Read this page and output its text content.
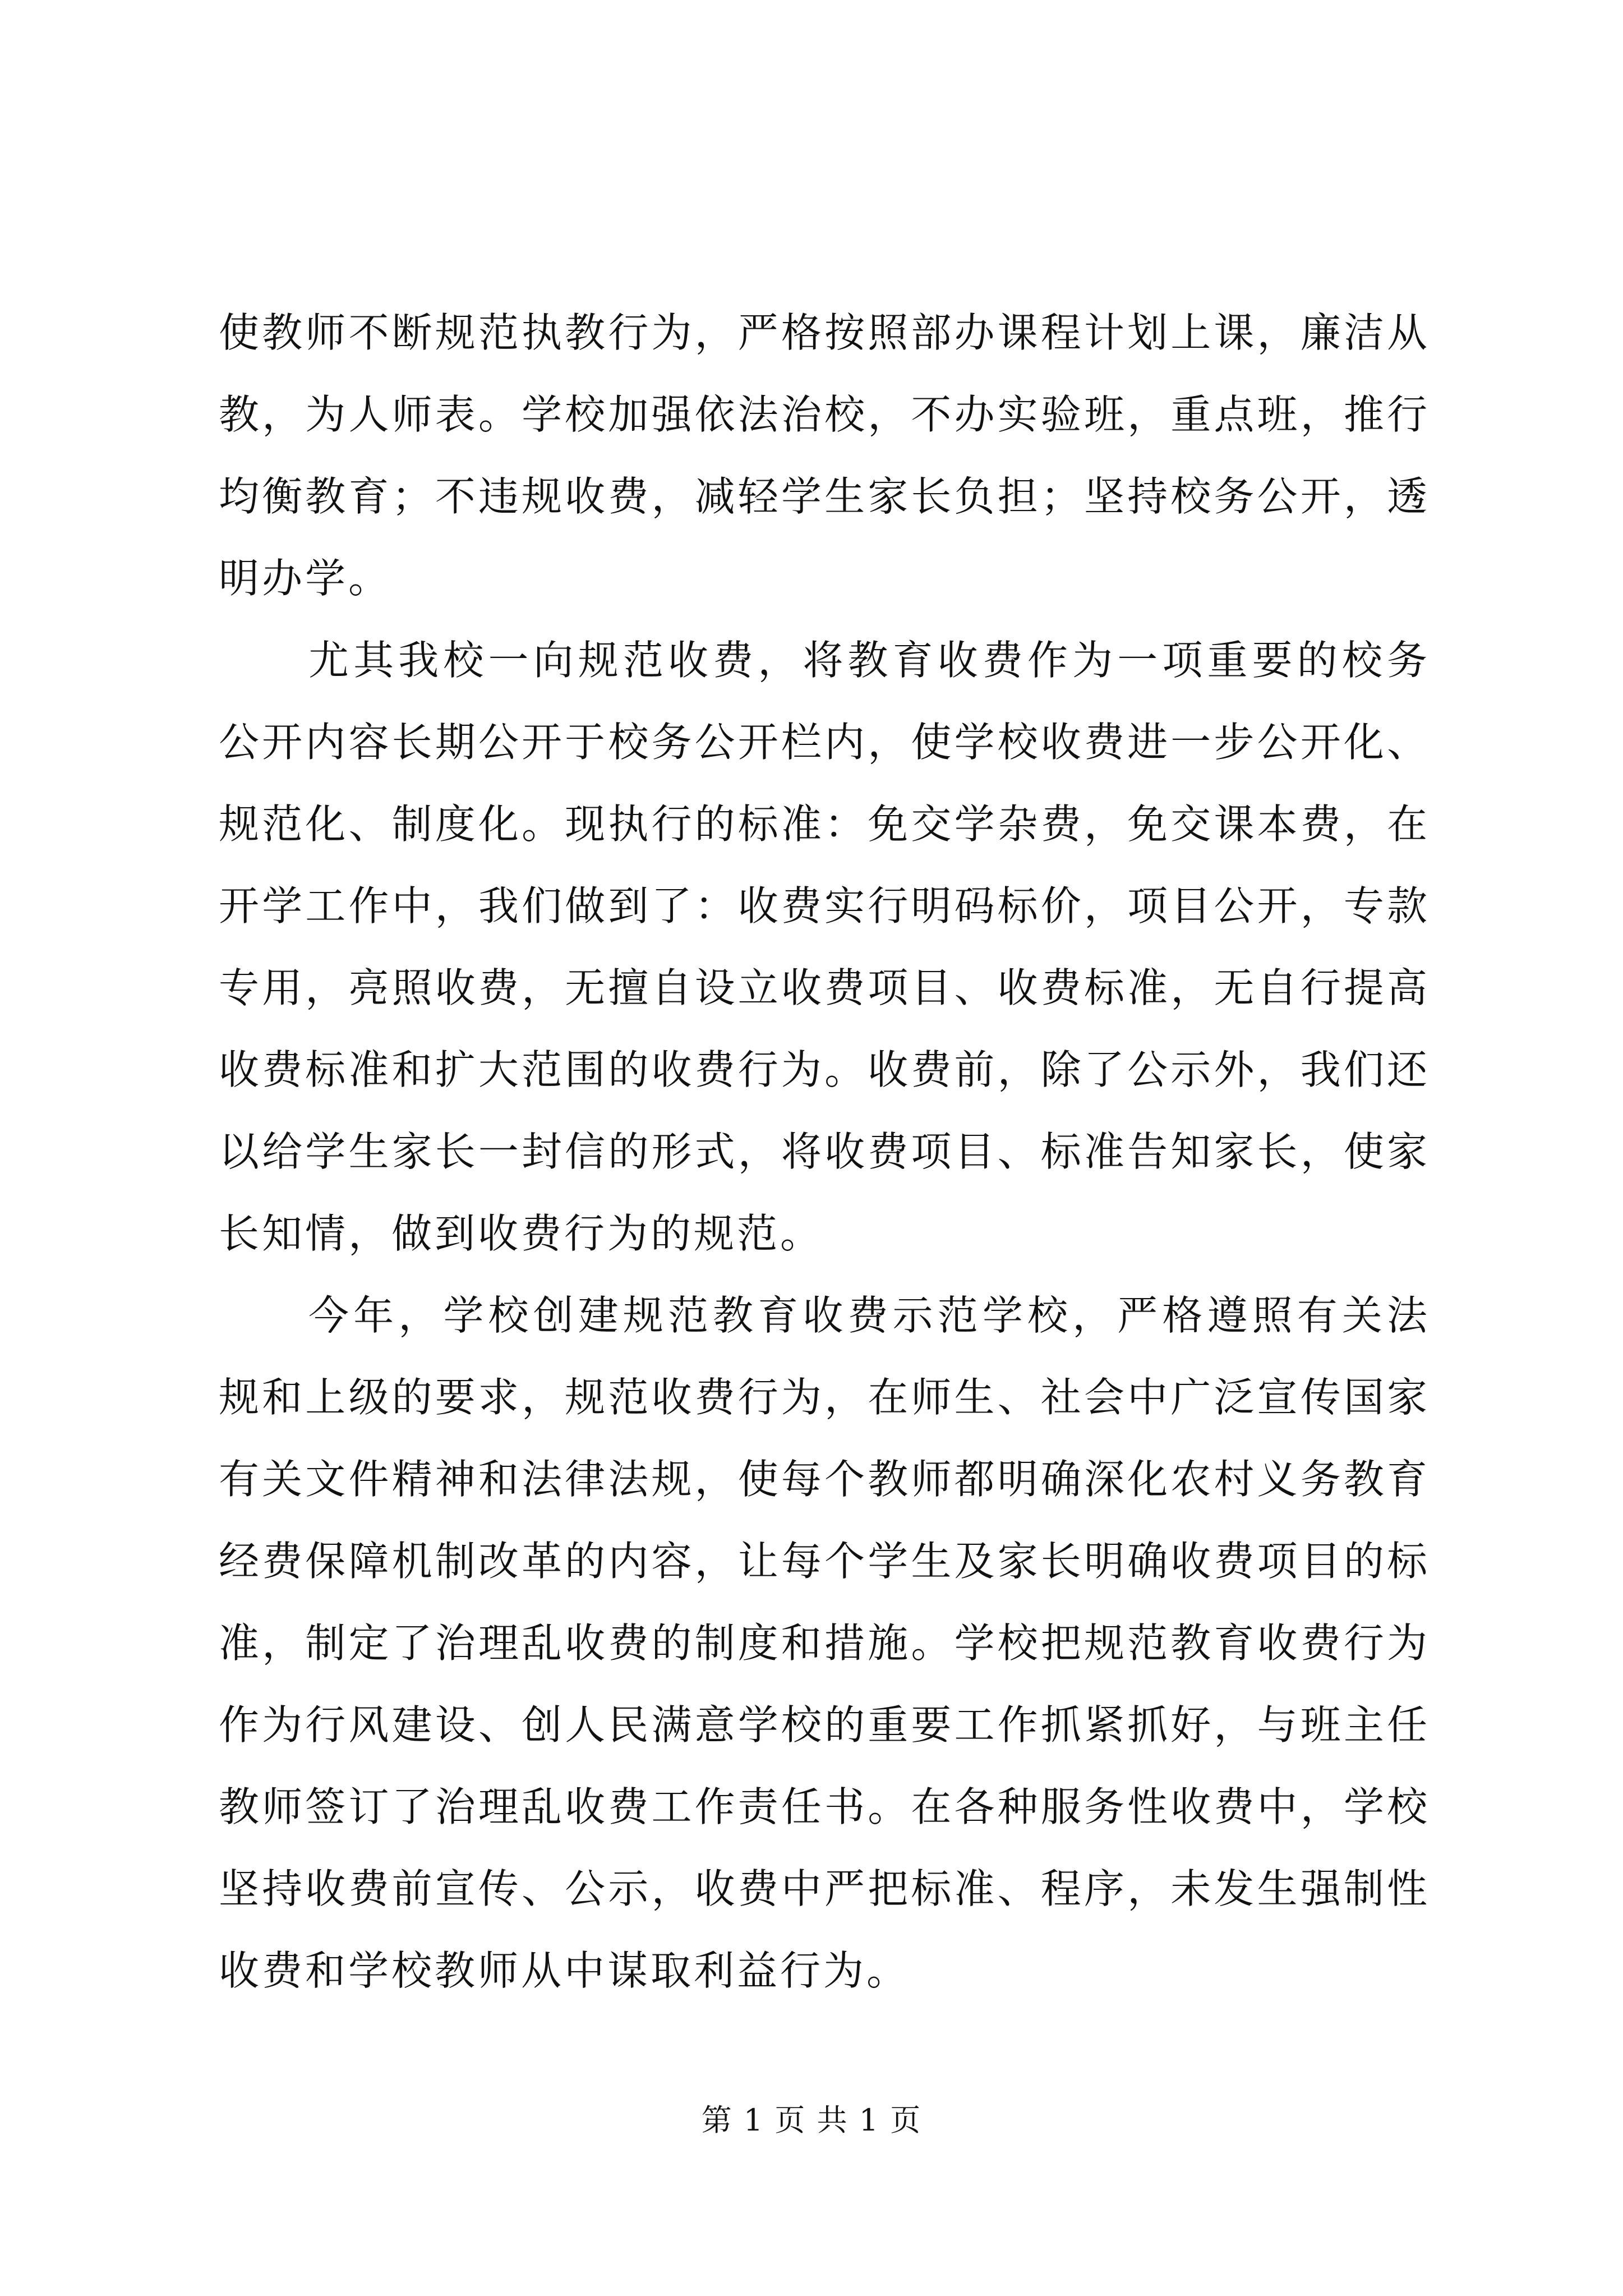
使教师不断规范执教行为，严格按照部办课程计划上课，廉洁从教，为人师表。学校加强依法治校，不办实验班，重点班，推行均衡教育；不违规收费，减轻学生家长负担；坚持校务公开，透明办学。

尤其我校一向规范收费，将教育收费作为一项重要的校务公开内容长期公开于校务公开栏内，使学校收费进一步公开化、规范化、制度化。现执行的标准：免交学杂费，免交课本费，在开学工作中，我们做到了：收费实行明码标价，项目公开，专款专用，亮照收费，无擅自设立收费项目、收费标准，无自行提高收费标准和扩大范围的收费行为。收费前，除了公示外，我们还以给学生家长一封信的形式，将收费项目、标准告知家长，使家长知情，做到收费行为的规范。

今年，学校创建规范教育收费示范学校，严格遵照有关法规和上级的要求，规范收费行为，在师生、社会中广泛宣传国家有关文件精神和法律法规，使每个教师都明确深化农村义务教育经费保障机制改革的内容，让每个学生及家长明确收费项目的标准，制定了治理乱收费的制度和措施。学校把规范教育收费行为作为行风建设、创人民满意学校的重要工作抓紧抓好，与班主任教师签订了治理乱收费工作责任书。在各种服务性收费中，学校坚持收费前宣传、公示，收费中严把标准、程序，未发生强制性收费和学校教师从中谋取利益行为。

第 1 页 共 1 页
